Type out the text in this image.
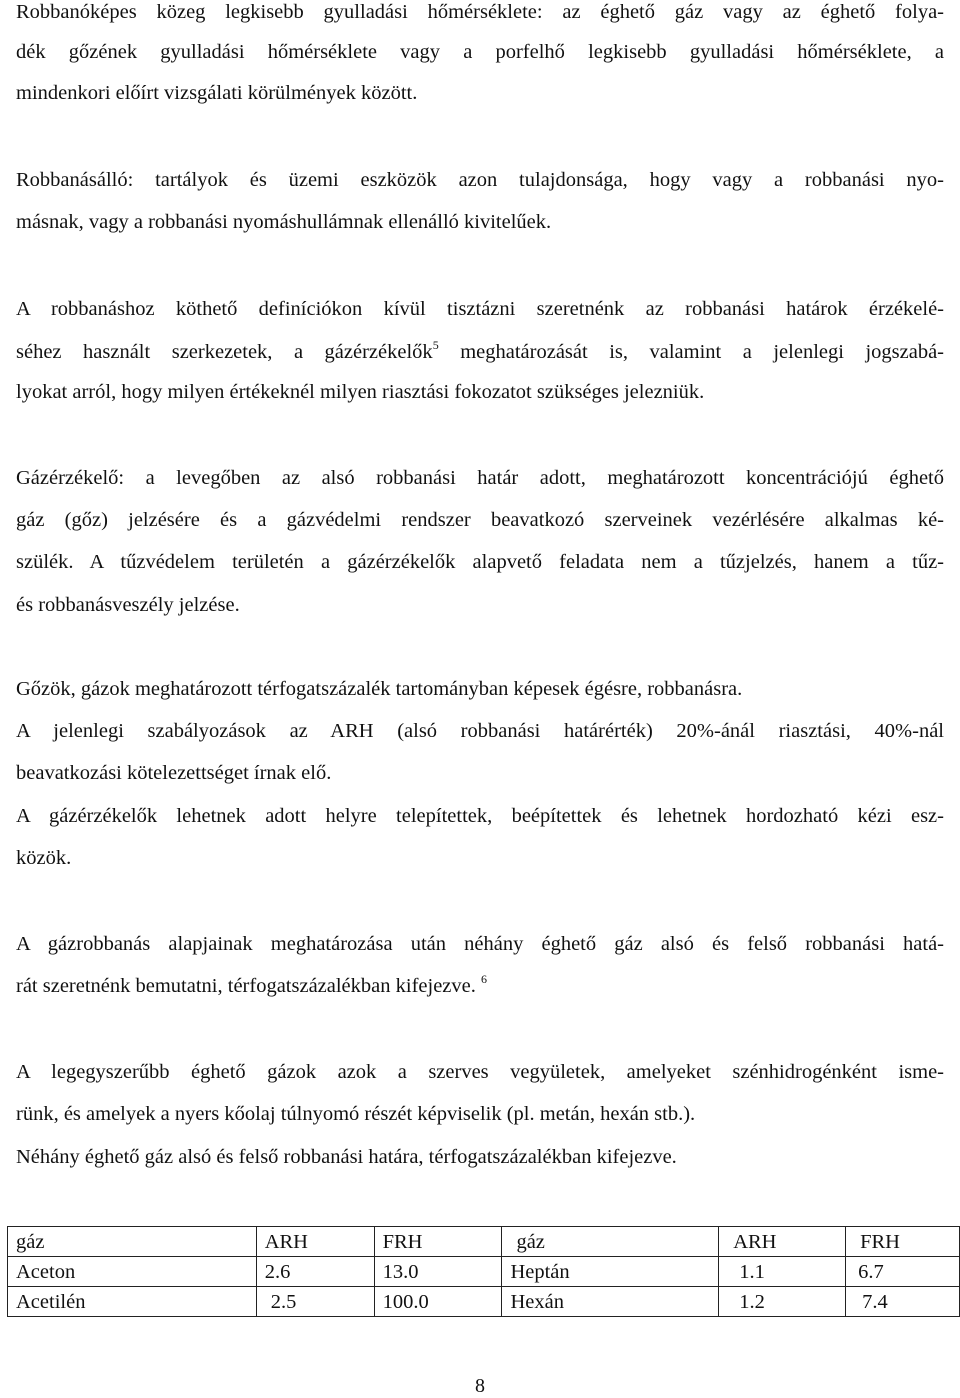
Robbanóképes közeg legkisebb gyulladási hőmérséklete: az éghető gáz vagy az éghető folya-
dék gőzének gyulladási hőmérséklete vagy a porfelhő legkisebb gyulladási hőmérséklete, a
mindenkori előírt vizsgálati körülmények között.
Robbanásálló: tartályok és üzemi eszközök azon tulajdonsága, hogy vagy a robbanási nyo-
másnak, vagy a robbanási nyomáshullámnak ellenálló kivitelűek.
A robbanáshoz köthető definíciókon kívül tisztázni szeretnénk az robbanási határok érzékelé-
séhez használt szerkezetek, a gázérzékelők$^5$ meghatározását is, valamint a jelenlegi jogszabá-
lyokat arról, hogy milyen értékeknél milyen riasztási fokozatot szükséges jelezniük.
Gázérzékelő: a levegőben az alsó robbanási határ adott, meghatározott koncentrációjú éghető
gáz (gőz) jelzésére és a gázvédelmi rendszer beavatkozó szerveinek vezérlésére alkalmas ké-
szülék. A tűzvédelem területén a gázérzékelők alapvető feladata nem a tűzjelzés, hanem a tűz-
és robbanásveszély jelzése.
Gőzök, gázok meghatározott térfogatszázalék tartományban képesek égésre, robbanásra.
A jelenlegi szabályozások az ARH (alsó robbanási határérték) 20%-ánál riasztási, 40%-nál
beavatkozási kötelezettséget írnak elő.
A gázérzékelők lehetnek adott helyre telepítettek, beépítettek és lehetnek hordozható kézi esz-
közök.
A gázrobbanás alapjainak meghatározása után néhány éghető gáz alsó és felső robbanási hatá-
rát szeretnénk bemutatni, térfogatszázalékban kifejezve. $^6$
A legegyszerűbb éghető gázok azok a szerves vegyületek, amelyeket szénhidrogénként isme-
rünk, és amelyek a nyers kőolaj túlnyomó részét képviselik (pl. metán, hexán stb.).
Néhány éghető gáz alsó és felső robbanási határa, térfogatszázalékban kifejezve.
gáz	ARH	FRH	gáz	ARH	FRH
Aceton	2.6	13.0	Heptán	1.1	6.7
Acetilén	2.5	100.0	Hexán	1.2	7.4
8
